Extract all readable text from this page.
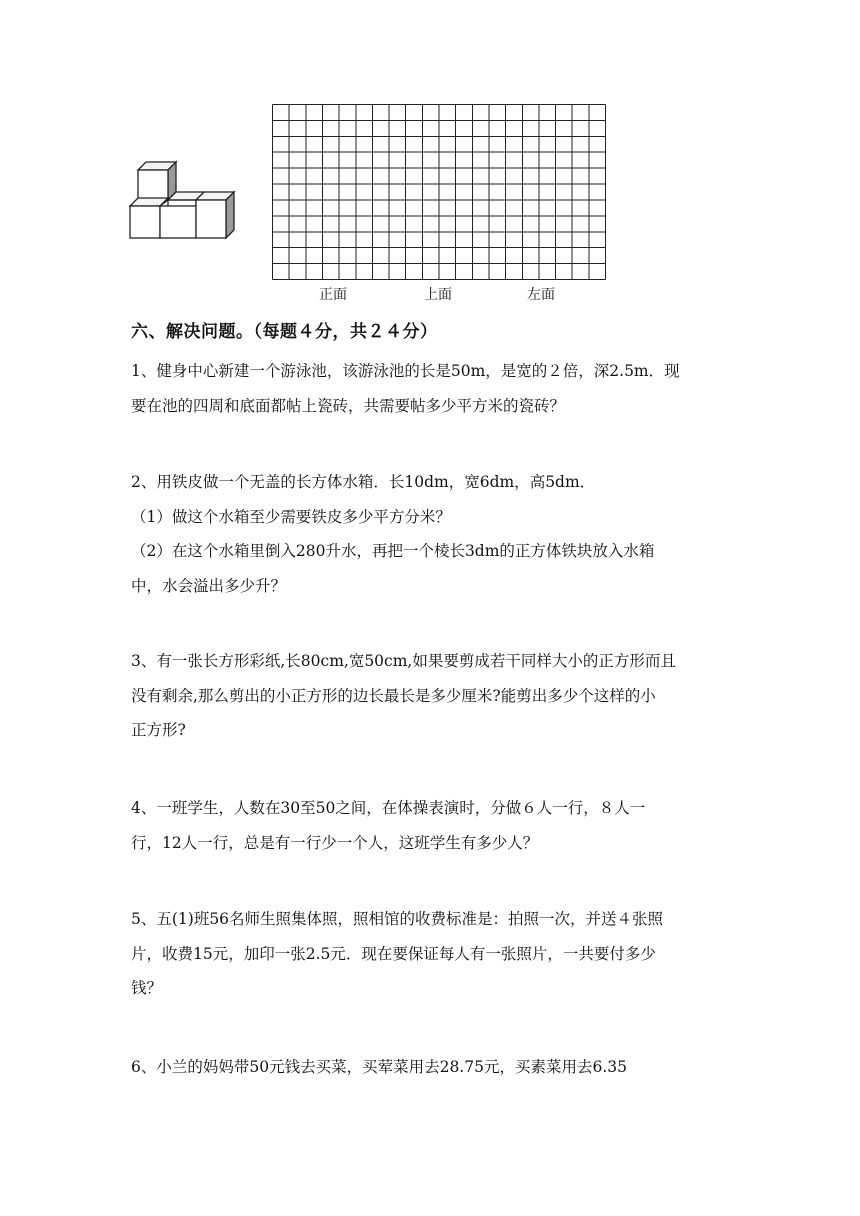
正面	上面	左面
六、解决问题。（每题４分，共２４分）
1、健身中心新建一个游泳池，该游泳池的长是50m，是宽的２倍，深2.5m．现
要在池的四周和底面都帖上瓷砖，共需要帖多少平方米的瓷砖？
2、用铁皮做一个无盖的长方体水箱．长10dm，宽6dm，高5dm．
（1）做这个水箱至少需要铁皮多少平方分米？
（2）在这个水箱里倒入280升水，再把一个棱长3dm的正方体铁块放入水箱
中，水会溢出多少升？
3、有一张长方形彩纸,长80cm,宽50cm,如果要剪成若干同样大小的正方形而且
没有剩余,那么剪出的小正方形的边长最长是多少厘米?能剪出多少个这样的小
正方形?
4、一班学生，人数在30至50之间，在体操表演时，分做６人一行，８人一
行，12人一行，总是有一行少一个人，这班学生有多少人？
5、五(1)班56名师生照集体照，照相馆的收费标准是：拍照一次，并送４张照
片，收费15元，加印一张2.5元．现在要保证每人有一张照片，一共要付多少
钱？
6、小兰的妈妈带50元钱去买菜，买荤菜用去28.75元，买素菜用去6.35
